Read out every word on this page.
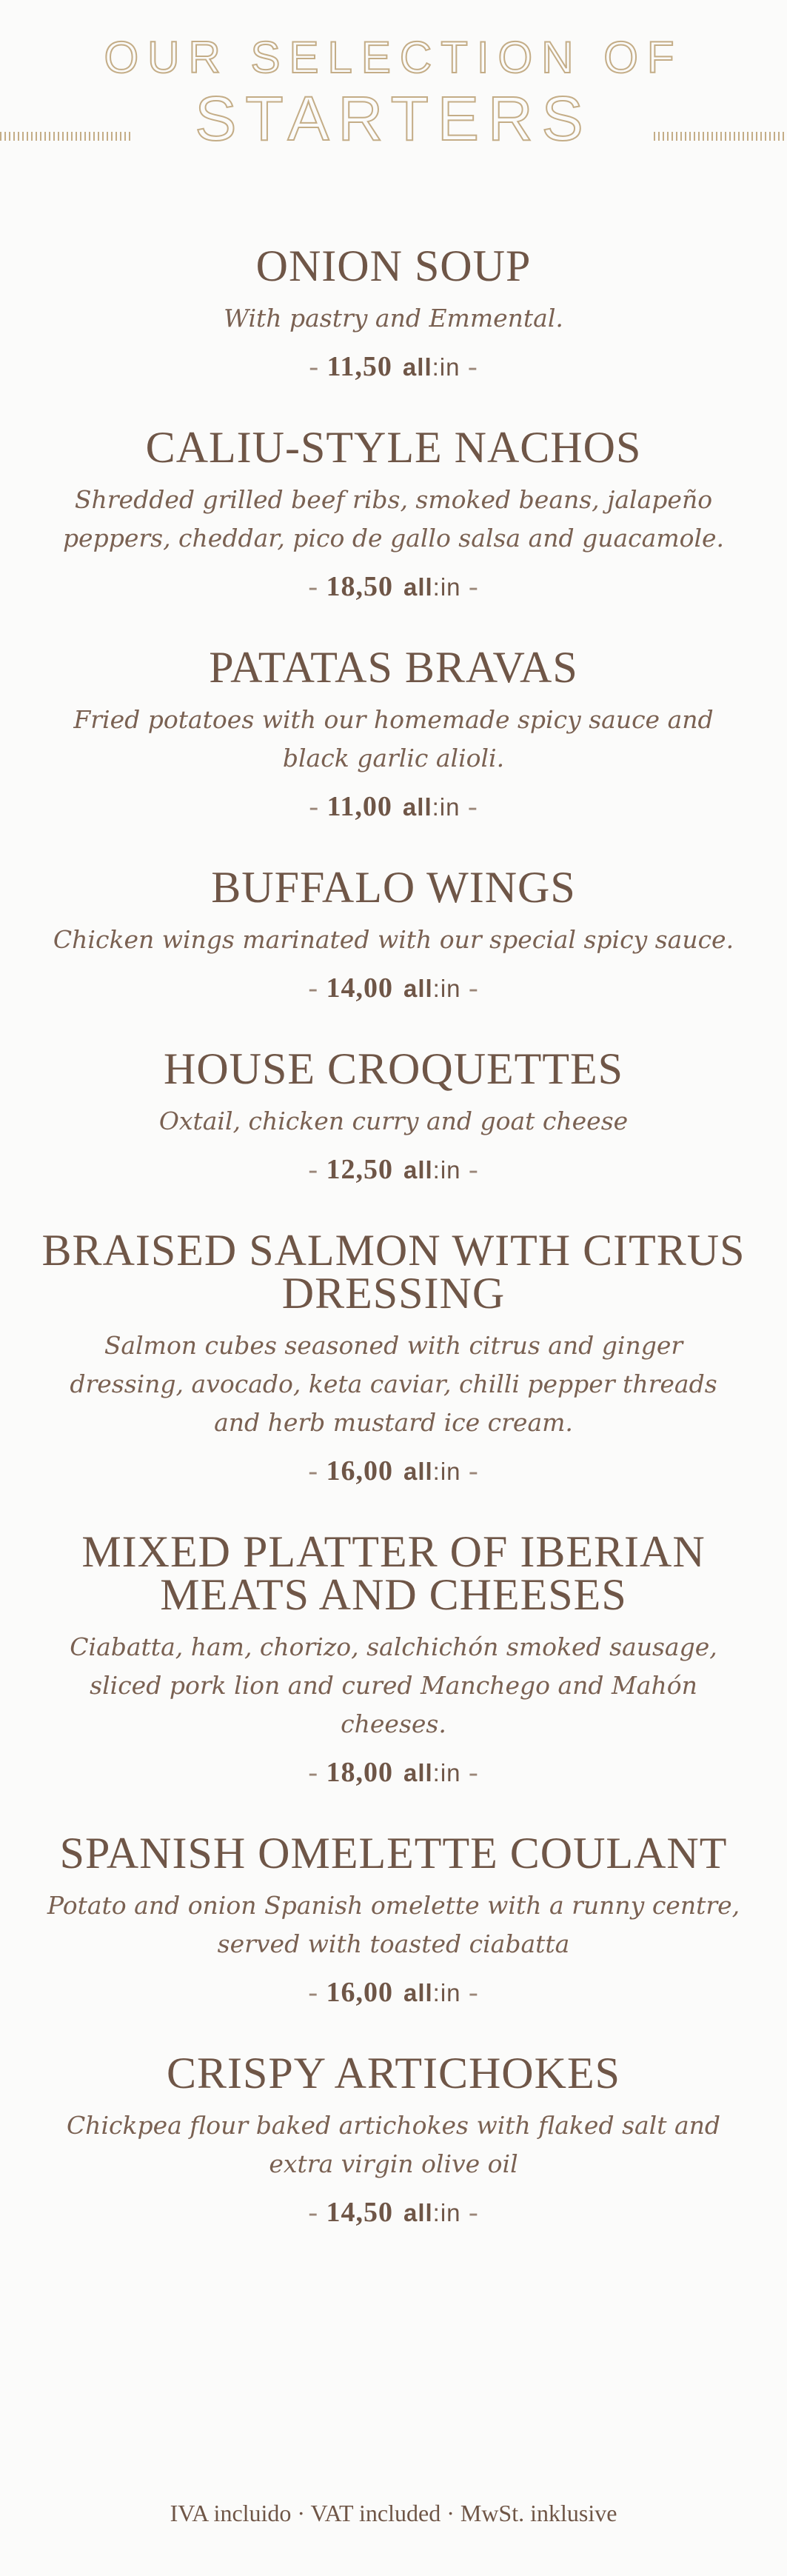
OUR SELECTION OF
STARTERS
ONION SOUP
With pastry and Emmental.
- 11,50 all:in -
CALIU-STYLE NACHOS
Shredded grilled beef ribs, smoked beans, jalapeño peppers, cheddar, pico de gallo salsa and guacamole.
- 18,50 all:in -
PATATAS BRAVAS
Fried potatoes with our homemade spicy sauce and black garlic alioli.
- 11,00 all:in -
BUFFALO WINGS
Chicken wings marinated with our special spicy sauce.
- 14,00 all:in -
HOUSE CROQUETTES
Oxtail, chicken curry and goat cheese
- 12,50 all:in -
BRAISED SALMON WITH CITRUS DRESSING
Salmon cubes seasoned with citrus and ginger dressing, avocado, keta caviar, chilli pepper threads and herb mustard ice cream.
- 16,00 all:in -
MIXED PLATTER OF IBERIAN MEATS AND CHEESES
Ciabatta, ham, chorizo, salchichón smoked sausage, sliced pork lion and cured Manchego and Mahón cheeses.
- 18,00 all:in -
SPANISH OMELETTE COULANT
Potato and onion Spanish omelette with a runny centre, served with toasted ciabatta
- 16,00 all:in -
CRISPY ARTICHOKES
Chickpea flour baked artichokes with flaked salt and extra virgin olive oil
- 14,50 all:in -
IVA incluido · VAT included · MwSt. inklusive
